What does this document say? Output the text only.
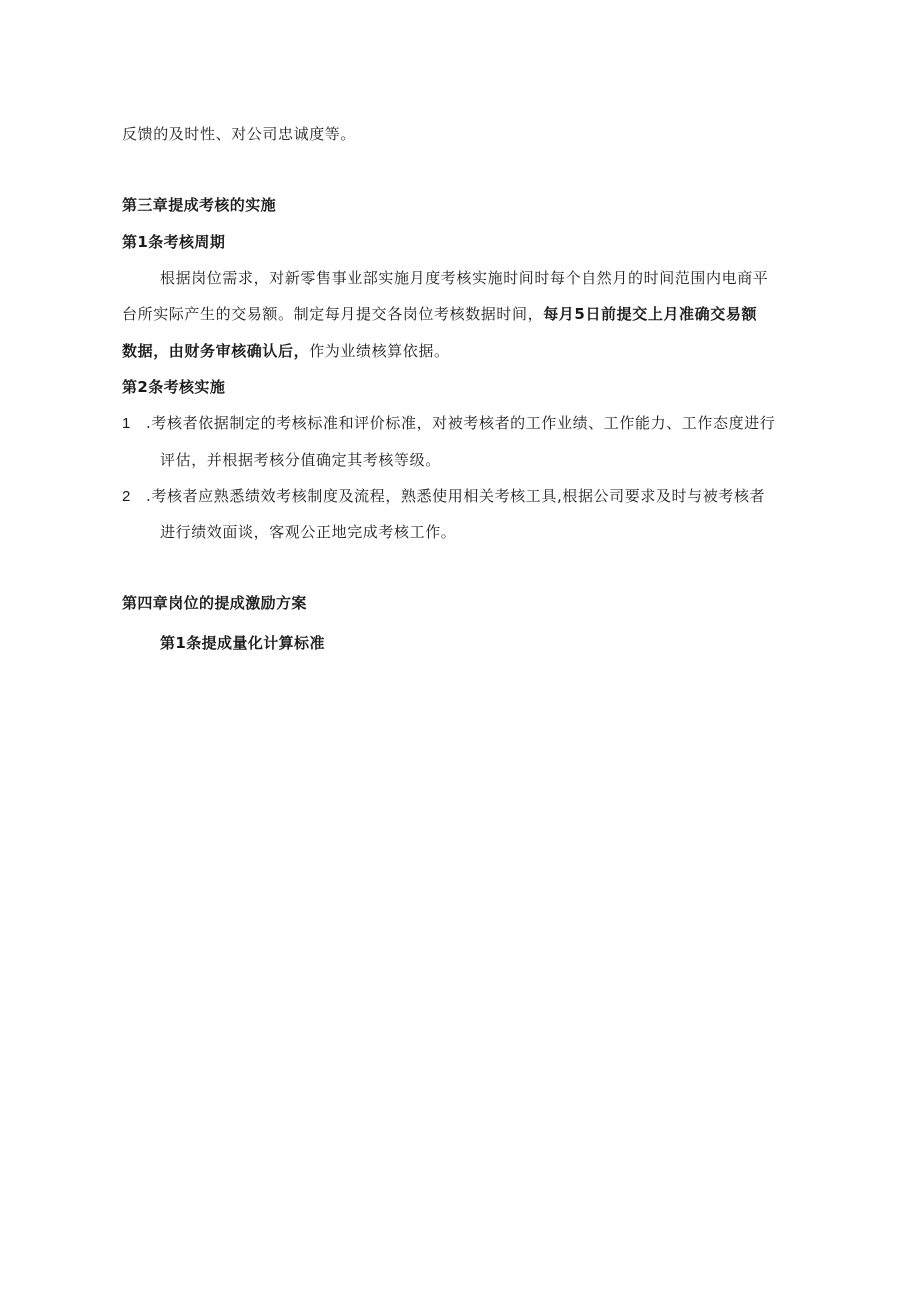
反馈的及时性、对公司忠诚度等。
第三章提成考核的实施
第1条考核周期
根据岗位需求，对新零售事业部实施月度考核实施时间时每个自然月的时间范围内电商平
台所实际产生的交易额。制定每月提交各岗位考核数据时间，每月5日前提交上月准确交易额
数据，由财务审核确认后，作为业绩核算依据。
第2条考核实施
1 .考核者依据制定的考核标准和评价标准，对被考核者的工作业绩、工作能力、工作态度进行
评估，并根据考核分值确定其考核等级。
2 .考核者应熟悉绩效考核制度及流程，熟悉使用相关考核工具,根据公司要求及时与被考核者
进行绩效面谈，客观公正地完成考核工作。
第四章岗位的提成激励方案
第1条提成量化计算标准
